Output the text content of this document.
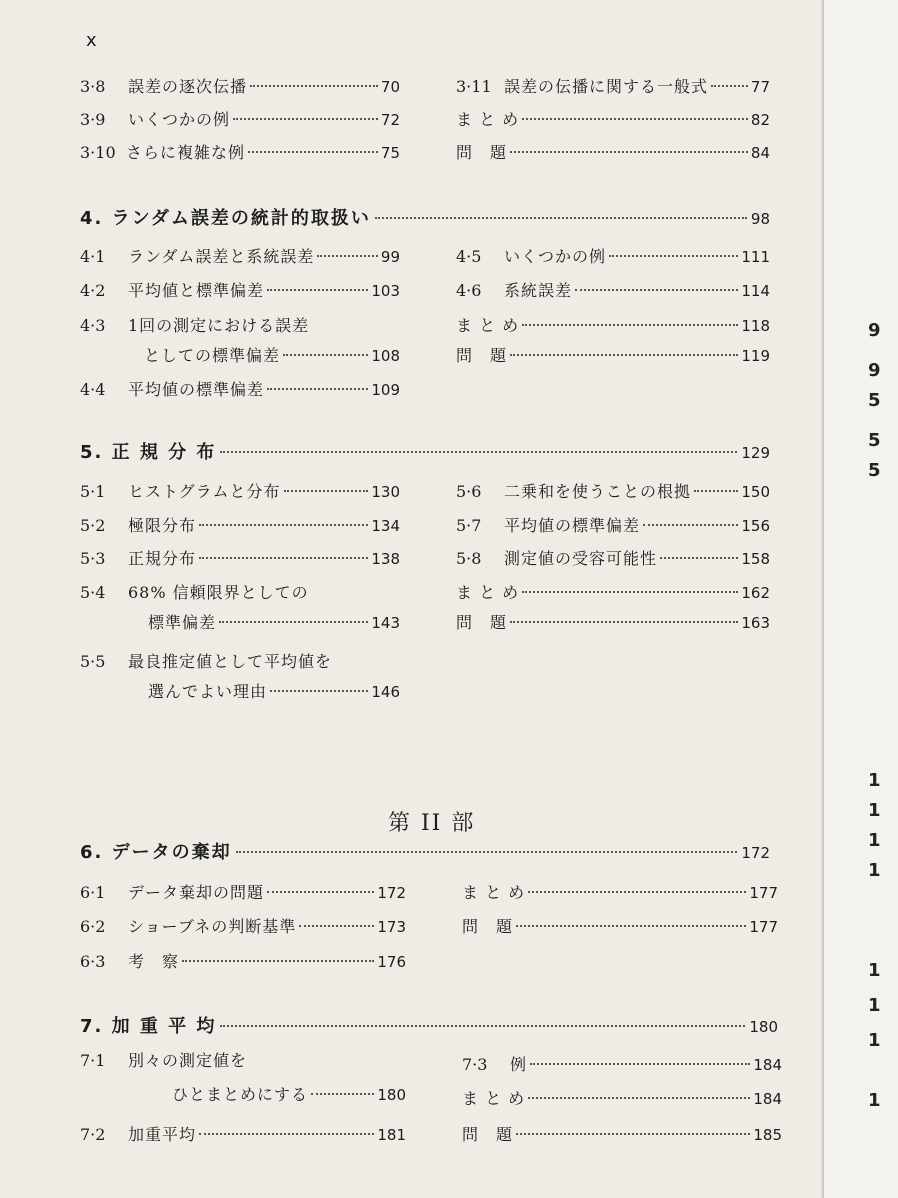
x
3·8	誤差の逐次伝播	70
3·9	いくつかの例	72
3·10 さらに複雑な例	75
3·11 誤差の伝播に関する一般式	77
ま と め	82
問　題	84
4. ランダム誤差の統計的取扱い	98
4·1	ランダム誤差と系統誤差	99
4·2	平均値と標準偏差	103
4·3	1回の測定における誤差
としての標準偏差	108
4·4	平均値の標準偏差	109
4·5	いくつかの例	111
4·6	系統誤差	114
ま と め	118
問　題	119
5. 正 規 分 布	129
5·1	ヒストグラムと分布	130
5·2	極限分布	134
5·3	正規分布	138
5·4	68% 信頼限界としての
標準偏差	143
5·5	最良推定値として平均値を
選んでよい理由	146
5·6	二乗和を使うことの根拠	150
5·7	平均値の標準偏差	156
5·8	測定値の受容可能性	158
ま と め	162
問　題	163
第 II 部
6. データの棄却	172
6·1	データ棄却の問題	172
6·2	ショーブネの判断基準	173
6·3	考　察	176
ま と め	177
問　題	177
7. 加 重 平 均	180
7·1	別々の測定値を
ひとまとめにする	180
7·2	加重平均	181
7·3	例	184
ま と め	184
問　題	185
9
9
5
5
5
1
1
1
1
1
1
1
1
